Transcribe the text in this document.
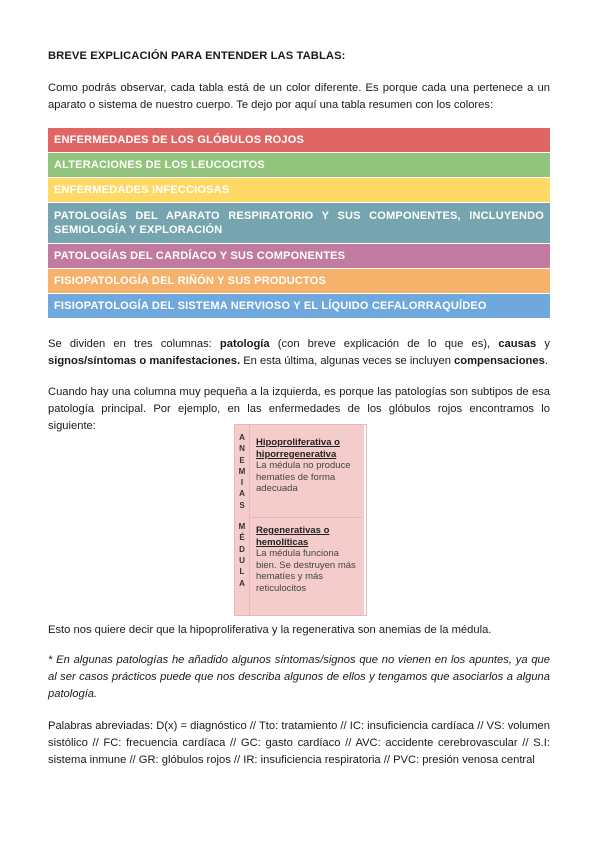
BREVE EXPLICACIÓN PARA ENTENDER LAS TABLAS:
Como podrás observar, cada tabla está de un color diferente. Es porque cada una pertenece a un aparato o sistema de nuestro cuerpo. Te dejo por aquí una tabla resumen con los colores:
ENFERMEDADES DE LOS GLÓBULOS ROJOS
ALTERACIONES DE LOS LEUCOCITOS
ENFERMEDADES INFECCIOSAS
PATOLOGÍAS DEL APARATO RESPIRATORIO Y SUS COMPONENTES, INCLUYENDO SEMIOLOGÍA Y EXPLORACIÓN
PATOLOGÍAS DEL CARDÍACO Y SUS COMPONENTES
FISIOPATOLOGÍA DEL RIÑÓN Y SUS PRODUCTOS
FISIOPATOLOGÍA DEL SISTEMA NERVIOSO Y EL LÍQUIDO CEFALORRAQUÍDEO
Se dividen en tres columnas: patología (con breve explicación de lo que es), causas y signos/síntomas o manifestaciones. En esta última, algunas veces se incluyen compensaciones.
Cuando hay una columna muy pequeña a la izquierda, es porque las patologías son subtipos de esa patología principal. Por ejemplo, en las enfermedades de los glóbulos rojos encontramos lo siguiente:
A
N
E
M
I
A
S
M
É
D
U
L
A
Hipoproliferativa o hiporregenerativa
La médula no produce hematíes de forma adecuada
Regenerativas o hemolíticas
La médula funciona bien. Se destruyen más hematíes y más reticulocitos
Esto nos quiere decir que la hipoproliferativa y la regenerativa son anemias de la médula.
* En algunas patologías he añadido algunos síntomas/signos que no vienen en los apuntes, ya que al ser casos prácticos puede que nos describa algunos de ellos y tengamos que asociarlos a alguna patología.
Palabras abreviadas: D(x) = diagnóstico // Tto: tratamiento // IC: insuficiencia cardíaca // VS: volumen sistólico // FC: frecuencia cardíaca // GC: gasto cardíaco // AVC: accidente cerebrovascular // S.I: sistema inmune // GR: glóbulos rojos // IR: insuficiencia respiratoria // PVC: presión venosa central
